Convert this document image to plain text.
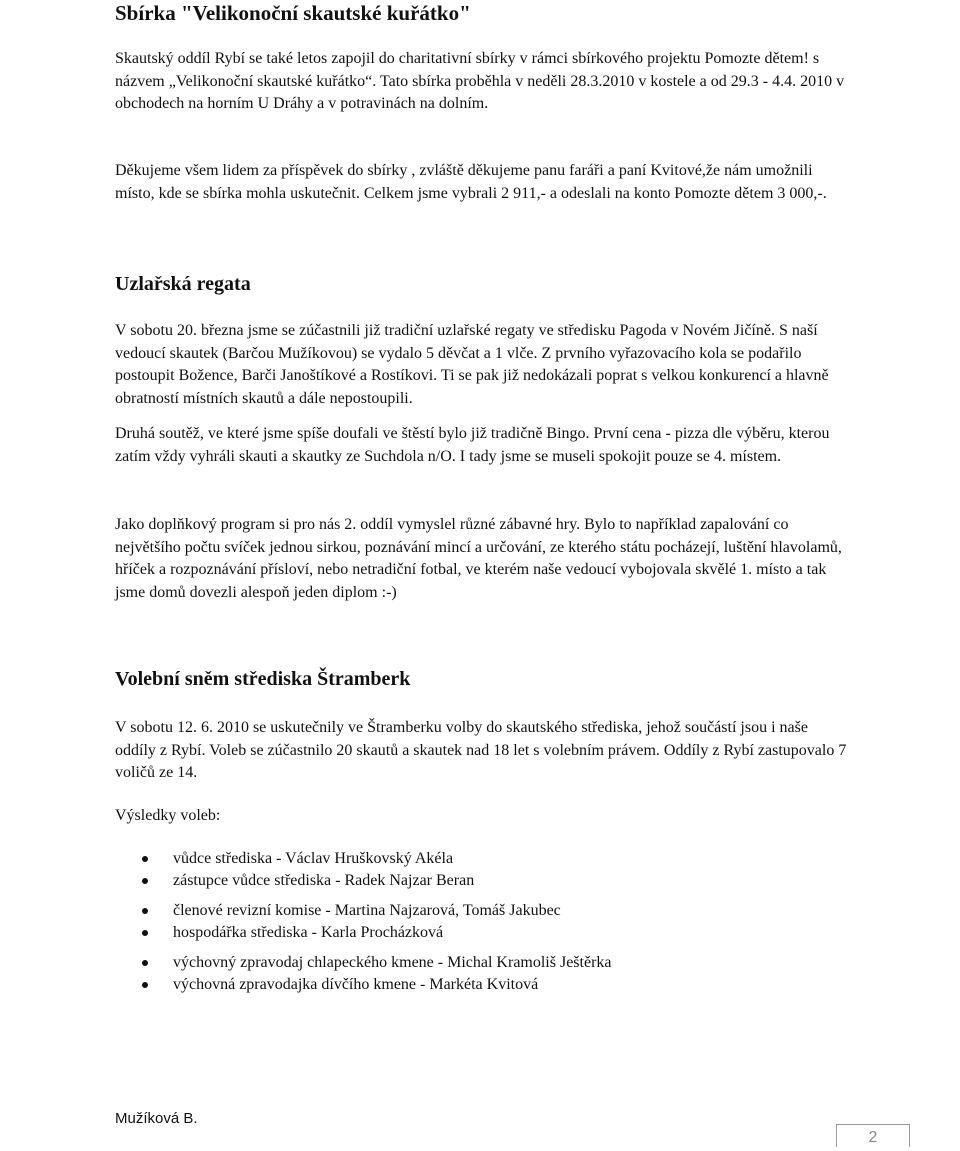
Sbírka "Velikonoční skautské kuřátko"

Skautský oddíl Rybí se také letos zapojil do charitativní sbírky v rámci sbírkového projektu Pomozte dětem! s názvem „Velikonoční skautské kuřátko“. Tato sbírka proběhla v neděli 28.3.2010 v kostele a od 29.3 - 4.4. 2010 v obchodech na horním U Dráhy a v potravinách na dolním.

Děkujeme všem lidem za příspěvek do sbírky , zvláště děkujeme panu faráři a paní Kvitové,že nám umožnili místo, kde se sbírka mohla uskutečnit. Celkem jsme vybrali 2 911,- a odeslali na konto Pomozte dětem 3 000,-.

Uzlařská regata

V sobotu 20. března jsme se zúčastnili již tradiční uzlařské regaty ve středisku Pagoda v Novém Jičíně. S naší vedoucí skautek (Barčou Mužíkovou) se vydalo 5 děvčat a 1 vlče. Z prvního vyřazovacího kola se podařilo postoupit Božence, Barči Janoštíkové a Rostíkovi. Ti se pak již nedokázali poprat s velkou konkurencí a hlavně obratností místních skautů a dále nepostoupili.

Volební sněm střediska Štramberk

V sobotu 12. 6. 2010 se uskutečnily ve Štramberku volby do skautského střediska, jehož součástí jsou i naše oddíly z Rybí. Voleb se zúčastnilo 20 skautů a skautek nad 18 let s volebním právem. Oddíly z Rybí zastupovalo 7 voličů ze 14.

Výsledky voleb:

vůdce střediska - Václav Hruškovský Akéla
zástupce vůdce střediska - Radek Najzar Beran
členové revizní komise - Martina Najzarová, Tomáš Jakubec
hospodářka střediska - Karla Procházková
výchovný zpravodaj chlapeckého kmene - Michal Kramoliš Ještěrka
výchovná zpravodajka dívčího kmene - Markéta Kvitová
Mužíková B.
2

Druhá soutěž, ve které jsme spíše doufali ve štěstí bylo již tradičně Bingo. První cena - pizza dle výběru, kterou zatím vždy vyhráli skauti a skautky ze Suchdola n/O. I tady jsme se museli spokojit pouze se 4. místem.

Jako doplňkový program si pro nás 2. oddíl vymyslel různé zábavné hry. Bylo to například zapalování co největšího počtu svíček jednou sirkou, poznávání mincí a určování, ze kterého státu pocházejí, luštění hlavolamů, hříček a rozpoznávání přísloví, nebo netradiční fotbal, ve kterém naše vedoucí vybojovala skvělé 1. místo a tak jsme domů dovezli alespoň jeden diplom :-)
